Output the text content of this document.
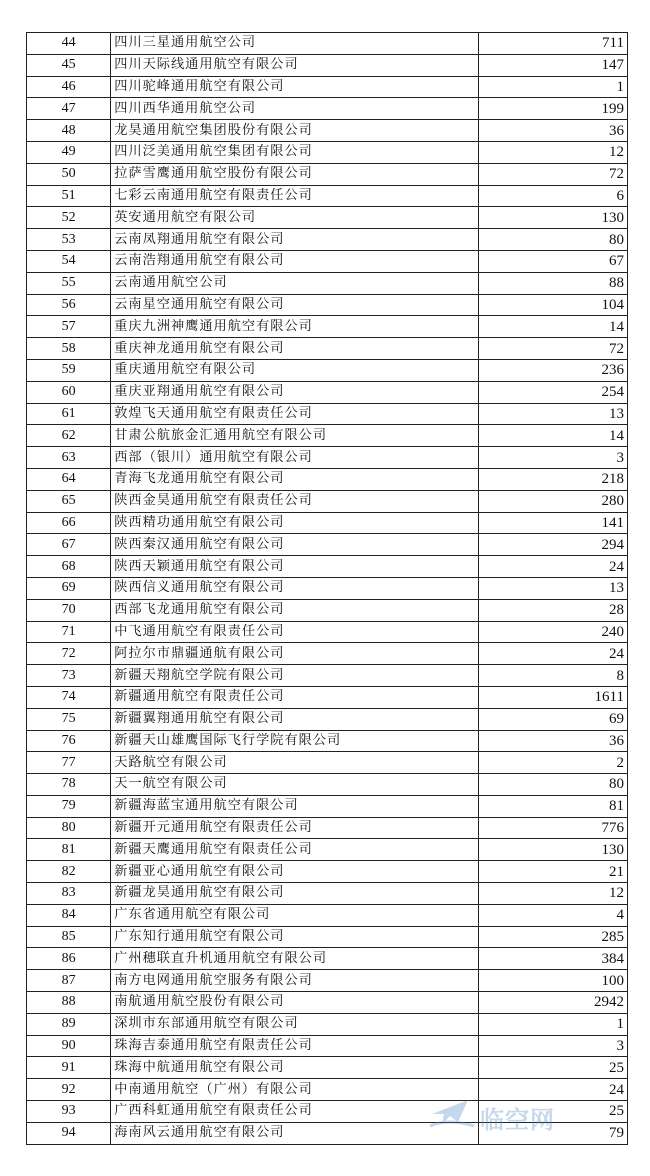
44	四川三星通用航空公司	711
45	四川天际线通用航空有限公司	147
46	四川驼峰通用航空有限公司	1
47	四川西华通用航空公司	199
48	龙昊通用航空集团股份有限公司	36
49	四川泛美通用航空集团有限公司	12
50	拉萨雪鹰通用航空股份有限公司	72
51	七彩云南通用航空有限责任公司	6
52	英安通用航空有限公司	130
53	云南凤翔通用航空有限公司	80
54	云南浩翔通用航空有限公司	67
55	云南通用航空公司	88
56	云南星空通用航空有限公司	104
57	重庆九洲神鹰通用航空有限公司	14
58	重庆神龙通用航空有限公司	72
59	重庆通用航空有限公司	236
60	重庆亚翔通用航空有限公司	254
61	敦煌飞天通用航空有限责任公司	13
62	甘肃公航旅金汇通用航空有限公司	14
63	西部（银川）通用航空有限公司	3
64	青海飞龙通用航空有限公司	218
65	陕西金昊通用航空有限责任公司	280
66	陕西精功通用航空有限公司	141
67	陕西秦汉通用航空有限公司	294
68	陕西天颖通用航空有限公司	24
69	陕西信义通用航空有限公司	13
70	西部飞龙通用航空有限公司	28
71	中飞通用航空有限责任公司	240
72	阿拉尔市鼎疆通航有限公司	24
73	新疆天翔航空学院有限公司	8
74	新疆通用航空有限责任公司	1611
75	新疆翼翔通用航空有限公司	69
76	新疆天山雄鹰国际飞行学院有限公司	36
77	天路航空有限公司	2
78	天一航空有限公司	80
79	新疆海蓝宝通用航空有限公司	81
80	新疆开元通用航空有限责任公司	776
81	新疆天鹰通用航空有限责任公司	130
82	新疆亚心通用航空有限公司	21
83	新疆龙昊通用航空有限公司	12
84	广东省通用航空有限公司	4
85	广东知行通用航空有限公司	285
86	广州穗联直升机通用航空有限公司	384
87	南方电网通用航空服务有限公司	100
88	南航通用航空股份有限公司	2942
89	深圳市东部通用航空有限公司	1
90	珠海吉泰通用航空有限责任公司	3
91	珠海中航通用航空有限公司	25
92	中南通用航空（广州）有限公司	24
93	广西科虹通用航空有限责任公司	25
94	海南风云通用航空有限公司	79
临空网
